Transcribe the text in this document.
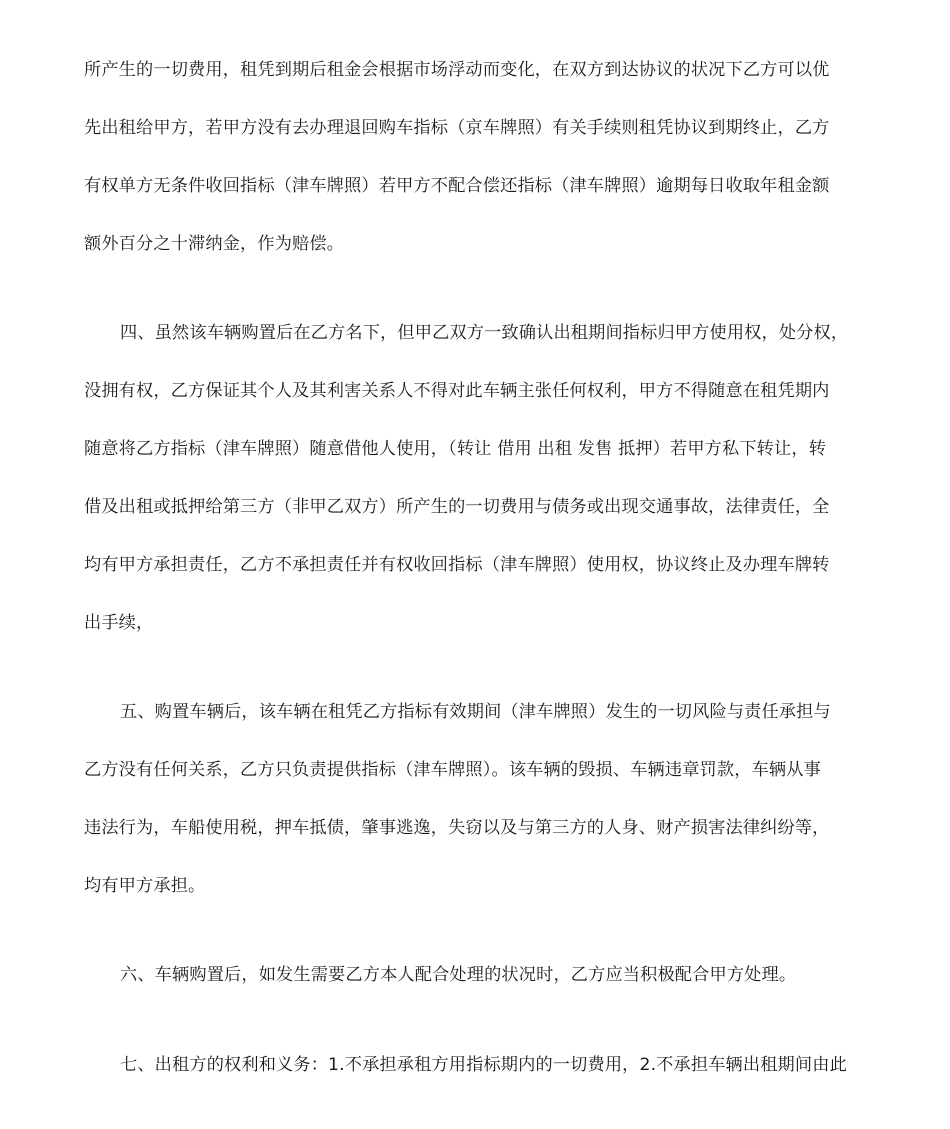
所产生的一切费用，租凭到期后租金会根据市场浮动而变化，在双方到达协议的状况下乙方可以优
先出租给甲方，若甲方没有去办理退回购车指标（京车牌照）有关手续则租凭协议到期终止，乙方
有权单方无条件收回指标（津车牌照）若甲方不配合偿还指标（津车牌照）逾期每日收取年租金额
额外百分之十滞纳金，作为赔偿。
四、虽然该车辆购置后在乙方名下，但甲乙双方一致确认出租期间指标归甲方使用权，处分权，
没拥有权，乙方保证其个人及其利害关系人不得对此车辆主张任何权利，甲方不得随意在租凭期内
随意将乙方指标（津车牌照）随意借他人使用，（转让 借用 出租 发售 抵押）若甲方私下转让，转
借及出租或抵押给第三方（非甲乙双方）所产生的一切费用与债务或出现交通事故，法律责任，全
均有甲方承担责任，乙方不承担责任并有权收回指标（津车牌照）使用权，协议终止及办理车牌转
出手续，
五、购置车辆后，该车辆在租凭乙方指标有效期间（津车牌照）发生的一切风险与责任承担与
乙方没有任何关系，乙方只负责提供指标（津车牌照）。该车辆的毁损、车辆违章罚款，车辆从事
违法行为，车船使用税，押车抵债，肇事逃逸，失窃以及与第三方的人身、财产损害法律纠纷等，
均有甲方承担。
六、车辆购置后，如发生需要乙方本人配合处理的状况时，乙方应当积极配合甲方处理。
七、出租方的权利和义务：1.不承担承租方用指标期内的一切费用，2.不承担车辆出租期间由此
